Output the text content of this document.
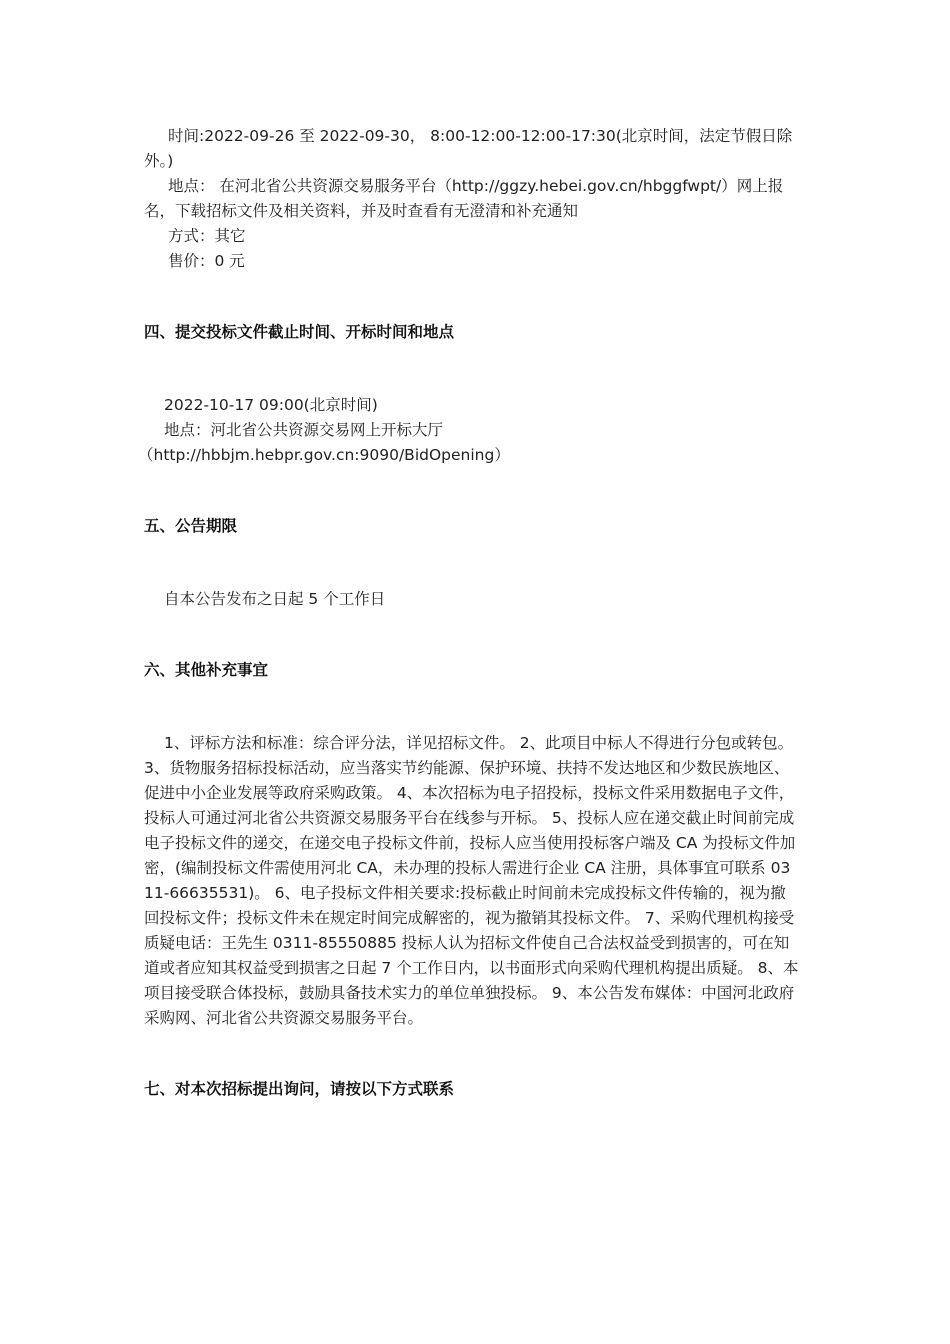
时间:2022-09-26 至 2022-09-30， 8:00-12:00-12:00-17:30(北京时间，法定节假日除外。)

地点： 在河北省公共资源交易服务平台（http://ggzy.hebei.gov.cn/hbggfwpt/）网上报名，下载招标文件及相关资料，并及时查看有无澄清和补充通知

方式：其它

售价：0 元

四、提交投标文件截止时间、开标时间和地点

2022-10-17 09:00(北京时间)

地点：河北省公共资源交易网上开标大厅

（http://hbbjm.hebpr.gov.cn:9090/BidOpening）

五、公告期限

自本公告发布之日起 5 个工作日

六、其他补充事宜

1、评标方法和标准：综合评分法，详见招标文件。 2、此项目中标人不得进行分包或转包。 3、货物服务招标投标活动，应当落实节约能源、保护环境、扶持不发达地区和少数民族地区、促进中小企业发展等政府采购政策。 4、本次招标为电子招投标，投标文件采用数据电子文件，投标人可通过河北省公共资源交易服务平台在线参与开标。 5、投标人应在递交截止时间前完成电子投标文件的递交，在递交电子投标文件前，投标人应当使用投标客户端及 CA 为投标文件加密，(编制投标文件需使用河北 CA，未办理的投标人需进行企业 CA 注册，具体事宜可联系 0311-66635531)。 6、电子投标文件相关要求:投标截止时间前未完成投标文件传输的，视为撤回投标文件；投标文件未在规定时间完成解密的，视为撤销其投标文件。 7、采购代理机构接受质疑电话：王先生 0311-85550885 投标人认为招标文件使自己合法权益受到损害的，可在知道或者应知其权益受到损害之日起 7 个工作日内，以书面形式向采购代理机构提出质疑。 8、本项目接受联合体投标，鼓励具备技术实力的单位单独投标。 9、本公告发布媒体：中国河北政府采购网、河北省公共资源交易服务平台。

七、对本次招标提出询问，请按以下方式联系
